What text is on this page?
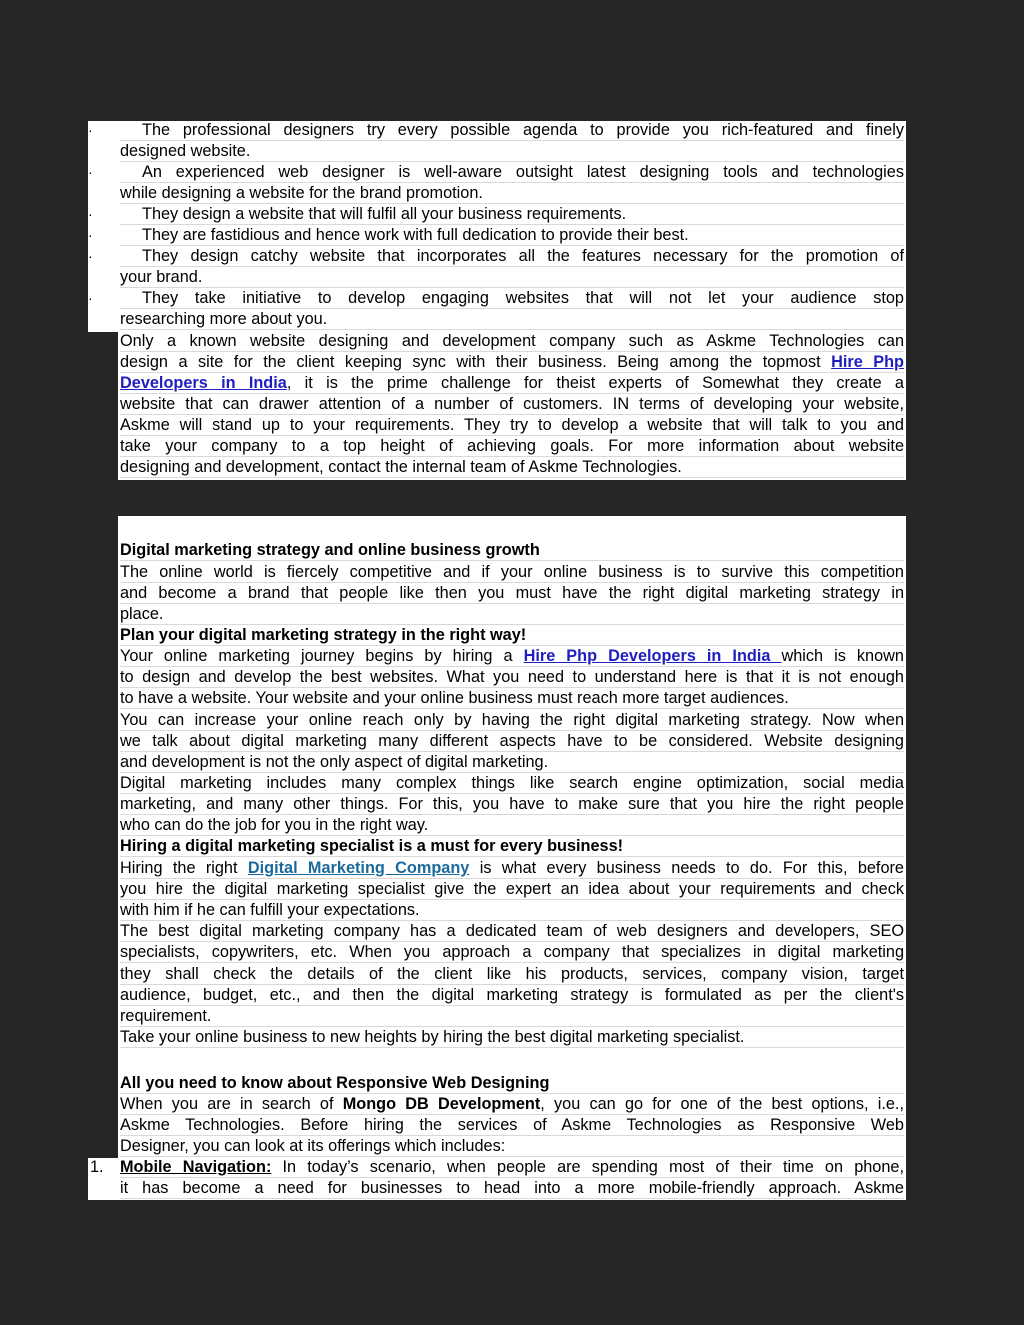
·	The professional designers try every possible agenda to provide you rich-featured and finely
designed website.
·	An experienced web designer is well-aware outsight latest designing tools and technologies
while designing a website for the brand promotion.
·	They design a website that will fulfil all your business requirements.
·	They are fastidious and hence work with full dedication to provide their best.
·	They design catchy website that incorporates all the features necessary for the promotion of
your brand.
·	They take initiative to develop engaging websites that will not let your audience stop
researching more about you.
Only a known website designing and development company such as Askme Technologies can
design a site for the client keeping sync with their business. Being among the topmost Hire Php
Developers in India, it is the prime challenge for theist experts of Somewhat they create a
website that can drawer attention of a number of customers. IN terms of developing your website,
Askme will stand up to your requirements. They try to develop a website that will talk to you and
take your company to a top height of achieving goals. For more information about website
designing and development, contact the internal team of Askme Technologies.
Digital marketing strategy and online business growth
The online world is fiercely competitive and if your online business is to survive this competition
and become a brand that people like then you must have the right digital marketing strategy in
place.
Plan your digital marketing strategy in the right way!
Your online marketing journey begins by hiring a Hire Php Developers in India which is known
to design and develop the best websites. What you need to understand here is that it is not enough
to have a website. Your website and your online business must reach more target audiences.
You can increase your online reach only by having the right digital marketing strategy. Now when
we talk about digital marketing many different aspects have to be considered. Website designing
and development is not the only aspect of digital marketing.
Digital marketing includes many complex things like search engine optimization, social media
marketing, and many other things. For this, you have to make sure that you hire the right people
who can do the job for you in the right way.
Hiring a digital marketing specialist is a must for every business!
Hiring the right Digital Marketing Company is what every business needs to do. For this, before
you hire the digital marketing specialist give the expert an idea about your requirements and check
with him if he can fulfill your expectations.
The best digital marketing company has a dedicated team of web designers and developers, SEO
specialists, copywriters, etc. When you approach a company that specializes in digital marketing
they shall check the details of the client like his products, services, company vision, target
audience, budget, etc., and then the digital marketing strategy is formulated as per the client's
requirement.
Take your online business to new heights by hiring the best digital marketing specialist.
All you need to know about Responsive Web Designing
When you are in search of Mongo DB Development, you can go for one of the best options, i.e.,
Askme Technologies. Before hiring the services of Askme Technologies as Responsive Web
Designer, you can look at its offerings which includes:
1. Mobile Navigation: In today’s scenario, when people are spending most of their time on phone,
it has become a need for businesses to head into a more mobile-friendly approach. Askme
